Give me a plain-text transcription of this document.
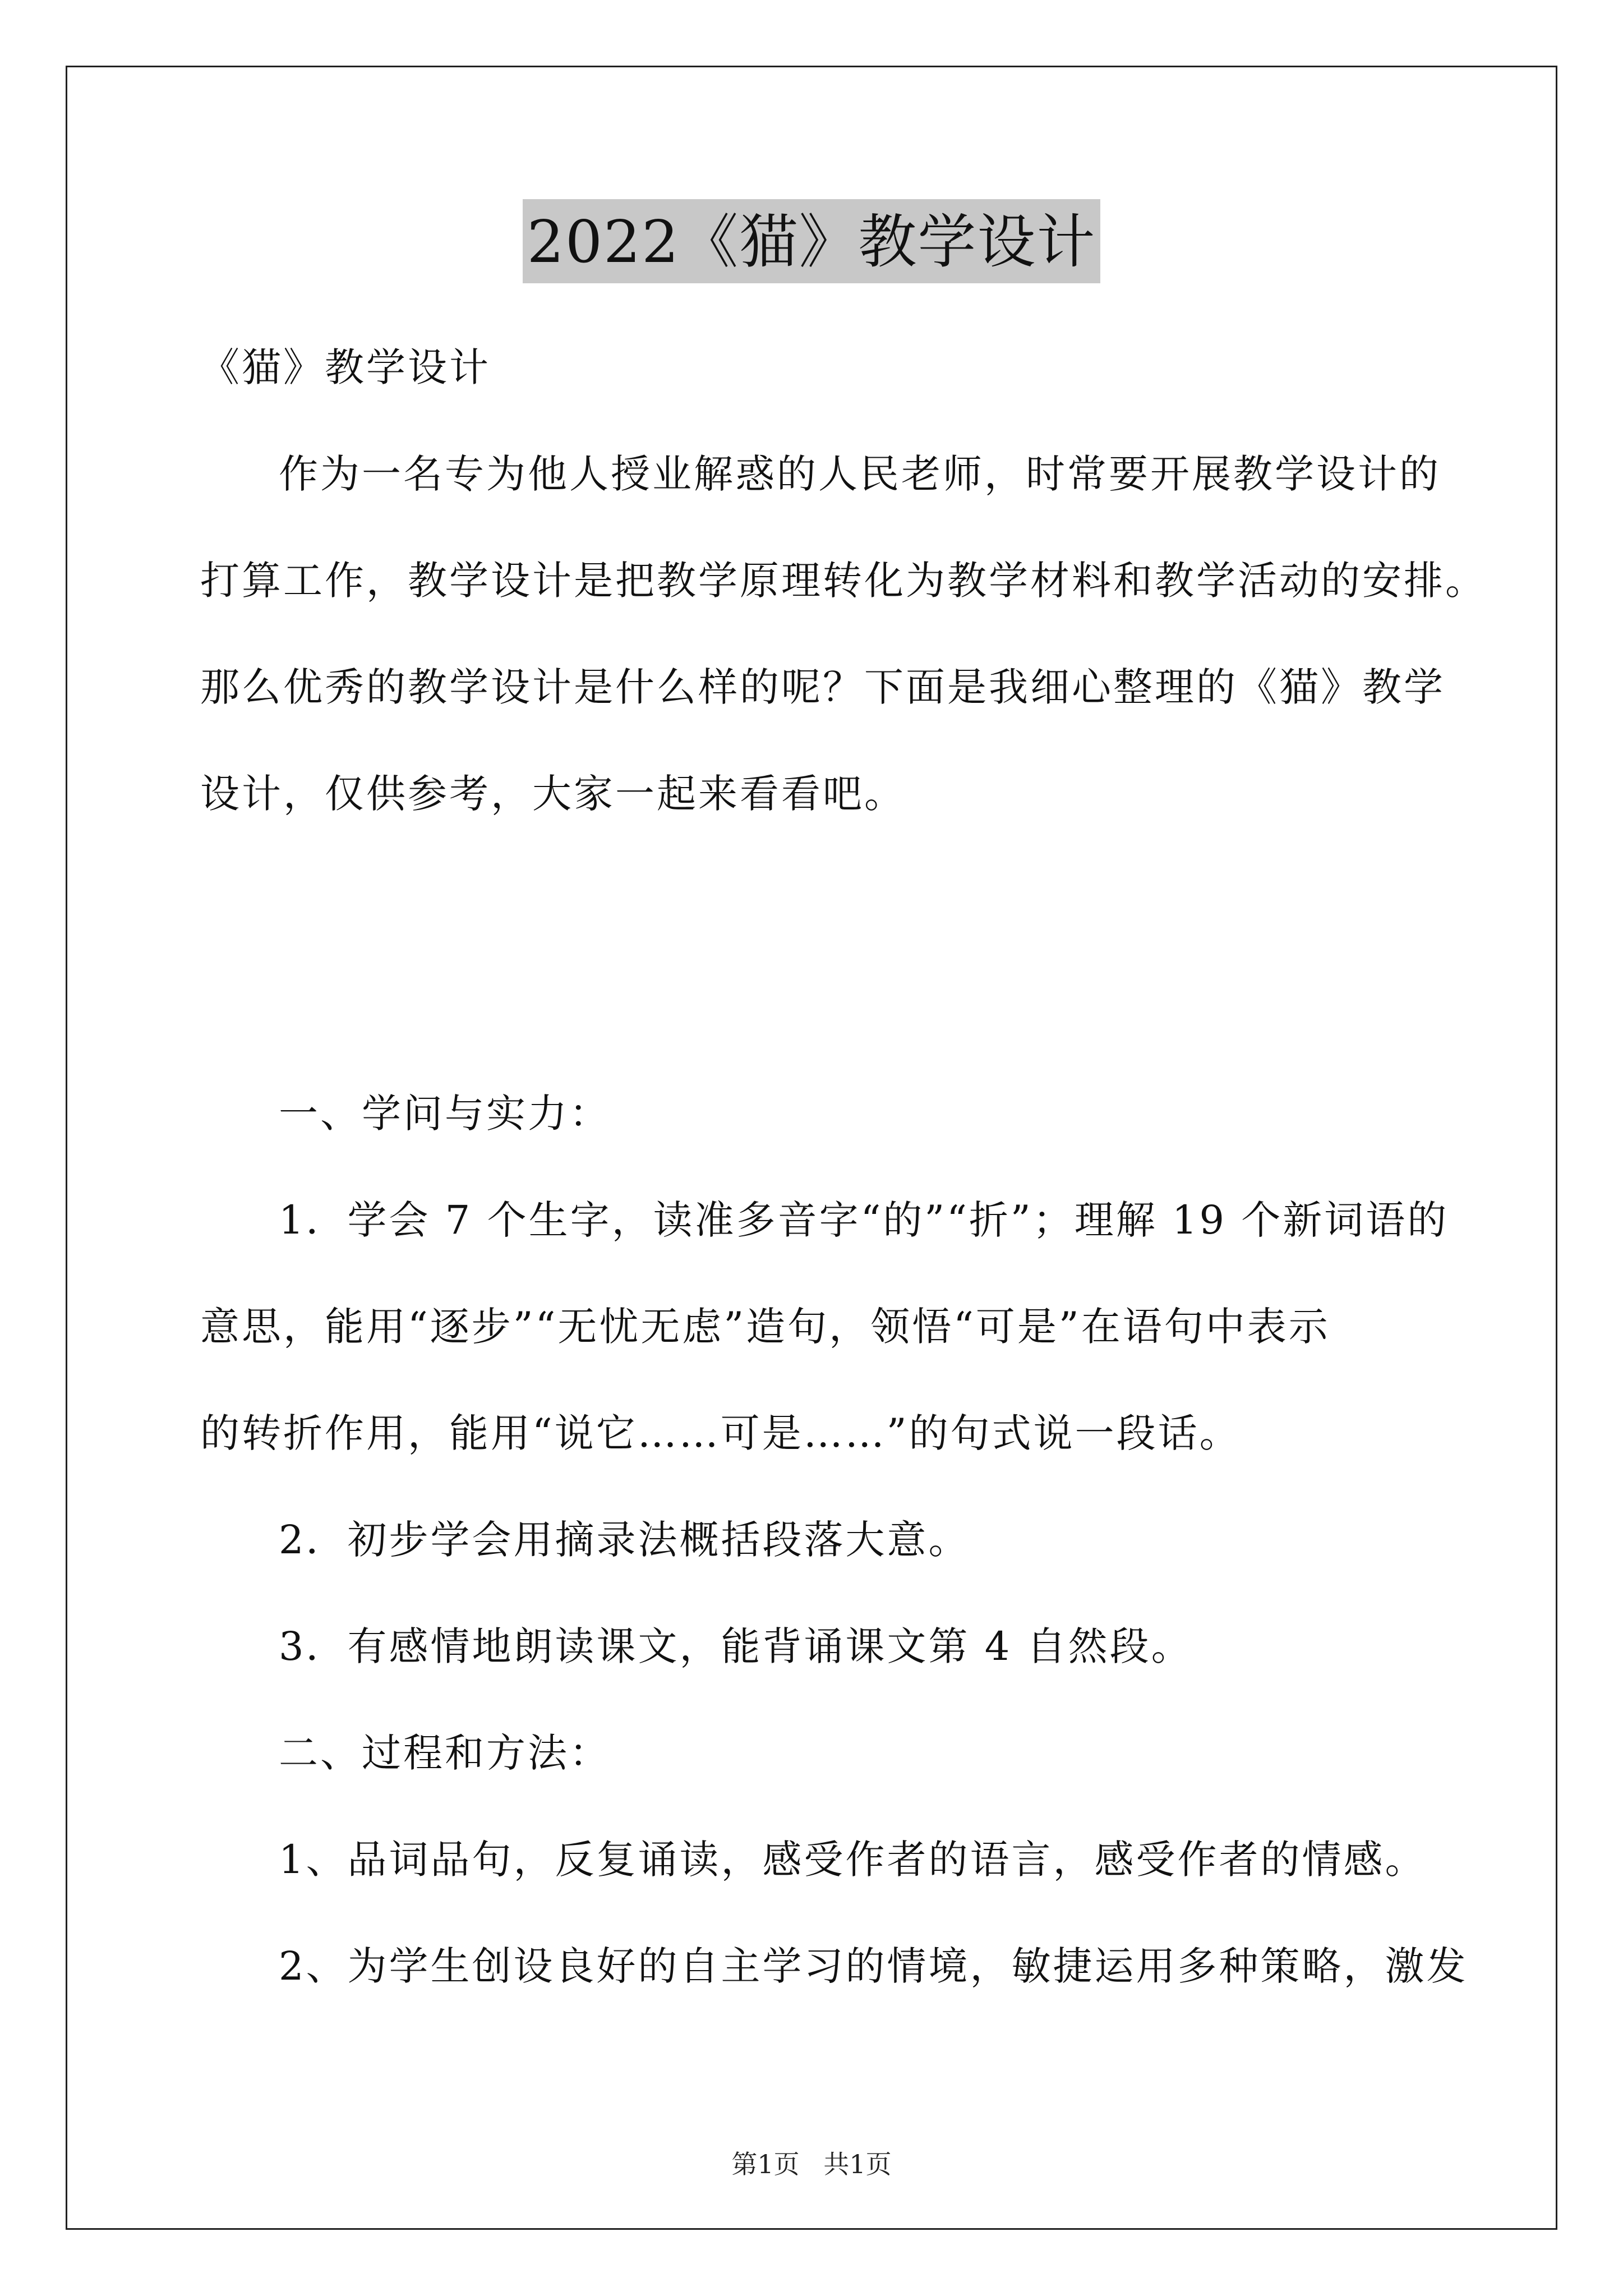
2022《猫》教学设计

《猫》教学设计

作为一名专为他人授业解惑的人民老师，时常要开展教学设计的

打算工作，教学设计是把教学原理转化为教学材料和教学活动的安排。

那么优秀的教学设计是什么样的呢？下面是我细心整理的《猫》教学

设计，仅供参考，大家一起来看看吧。

一、学问与实力：

1．学会 7 个生字，读准多音字“的”“折”；理解 19 个新词语的

意思，能用“逐步”“无忧无虑”造句，领悟“可是”在语句中表示

的转折作用，能用“说它……可是……”的句式说一段话。

2．初步学会用摘录法概括段落大意。

3．有感情地朗读课文，能背诵课文第 4 自然段。

二、过程和方法：

1、品词品句，反复诵读，感受作者的语言，感受作者的情感。

2、为学生创设良好的自主学习的情境，敏捷运用多种策略，激发

第1页 共1页
